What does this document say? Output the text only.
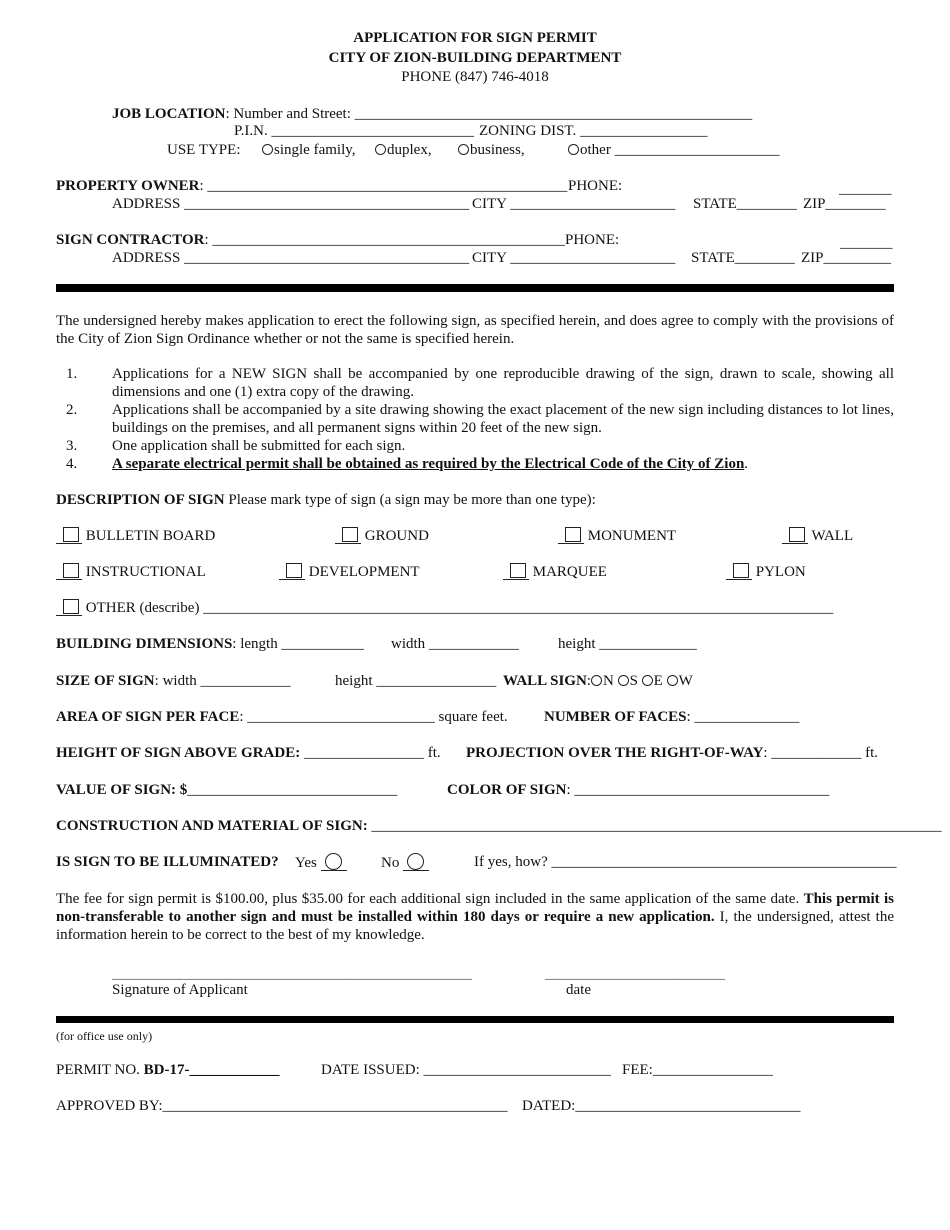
APPLICATION FOR SIGN PERMIT
CITY OF ZION-BUILDING DEPARTMENT
PHONE (847) 746-4018
JOB LOCATION: Number and Street: _____________________________________________________
P.I.N. ___________________________ ZONING DIST. _________________
USE TYPE:	single family,	duplex,	business,	other ______________________
PROPERTY OWNER: ________________________________________________ PHONE:	_______
ADDRESS ______________________________________ CITY ______________________ STATE________ ZIP________
SIGN CONTRACTOR: _______________________________________________ PHONE:	_______
ADDRESS ______________________________________ CITY ______________________ STATE________ ZIP_________
The undersigned hereby makes application to erect the following sign, as specified herein, and does agree to comply with the provisions of the City of Zion Sign Ordinance whether or not the same is specified herein.
1. Applications for a NEW SIGN shall be accompanied by one reproducible drawing of the sign, drawn to scale, showing all dimensions and one (1) extra copy of the drawing.
2. Applications shall be accompanied by a site drawing showing the exact placement of the new sign including distances to lot lines, buildings on the premises, and all permanent signs within 20 feet of the new sign.
3. One application shall be submitted for each sign.
4. A separate electrical permit shall be obtained as required by the Electrical Code of the City of Zion.
DESCRIPTION OF SIGN Please mark type of sign (a sign may be more than one type):
BULLETIN BOARD	GROUND	MONUMENT	WALL
INSTRUCTIONAL	DEVELOPMENT	MARQUEE	PYLON
OTHER (describe) ____________________________________________________________________________________
BUILDING DIMENSIONS: length ___________ width ____________	height _____________
SIZE OF SIGN: width ____________	height ________________ WALL SIGN: N S E W
AREA OF SIGN PER FACE: _________________________ square feet. NUMBER OF FACES: ______________
HEIGHT OF SIGN ABOVE GRADE: ________________ ft. PROJECTION OVER THE RIGHT-OF-WAY: ____________ ft.
VALUE OF SIGN: $____________________________	COLOR OF SIGN: __________________________________
CONSTRUCTION AND MATERIAL OF SIGN: ____________________________________________________________________________
IS SIGN TO BE ILLUMINATED? Yes	No	If yes, how? ______________________________________________
The fee for sign permit is $100.00, plus $35.00 for each additional sign included in the same application of the same date. This permit is non-transferable to another sign and must be installed within 180 days or require a new application. I, the undersigned, attest the information herein to be correct to the best of my knowledge.
________________________________________________
Signature of Applicant
________________________
date
(for office use only)
PERMIT NO. BD-17-____________	DATE ISSUED: _________________________ FEE:________________
APPROVED BY:______________________________________________ DATED:______________________________
